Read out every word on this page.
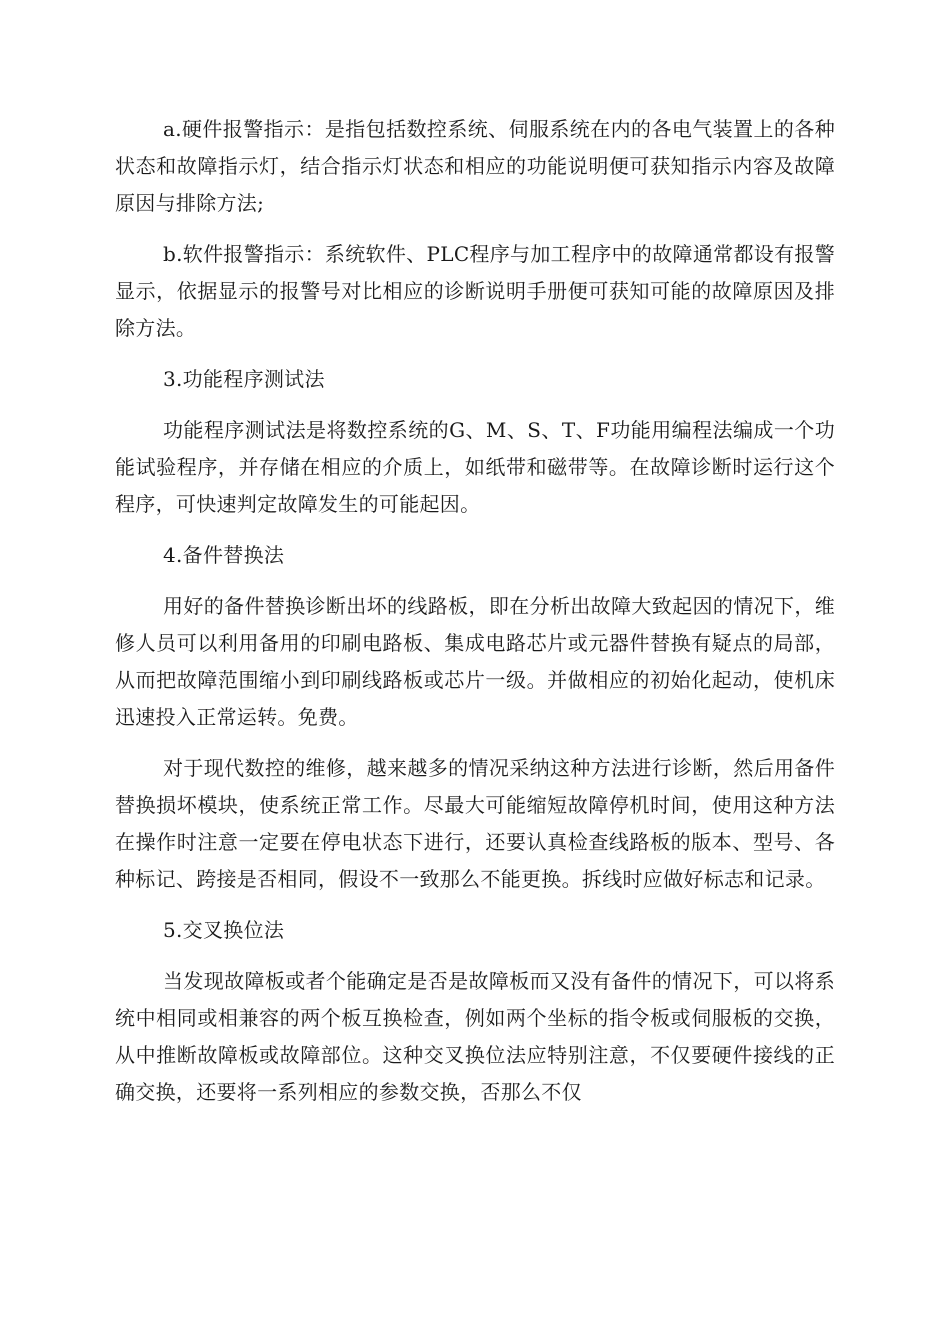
a.硬件报警指示：是指包括数控系统、伺服系统在内的各电气装置上的各种状态和故障指示灯，结合指示灯状态和相应的功能说明便可获知指示内容及故障原因与排除方法;

b.软件报警指示：系统软件、PLC程序与加工程序中的故障通常都设有报警显示，依据显示的报警号对比相应的诊断说明手册便可获知可能的故障原因及排除方法。

3.功能程序测试法

功能程序测试法是将数控系统的G、M、S、T、F功能用编程法编成一个功能试验程序，并存储在相应的介质上，如纸带和磁带等。在故障诊断时运行这个程序，可快速判定故障发生的可能起因。

4.备件替换法

用好的备件替换诊断出坏的线路板，即在分析出故障大致起因的情况下，维修人员可以利用备用的印刷电路板、集成电路芯片或元器件替换有疑点的局部，从而把故障范围缩小到印刷线路板或芯片一级。并做相应的初始化起动，使机床迅速投入正常运转。免费。

对于现代数控的维修，越来越多的情况采纳这种方法进行诊断，然后用备件替换损坏模块，使系统正常工作。尽最大可能缩短故障停机时间，使用这种方法在操作时注意一定要在停电状态下进行，还要认真检查线路板的版本、型号、各种标记、跨接是否相同，假设不一致那么不能更换。拆线时应做好标志和记录。

5.交叉换位法

当发现故障板或者个能确定是否是故障板而又没有备件的情况下，可以将系统中相同或相兼容的两个板互换检查，例如两个坐标的指令板或伺服板的交换，从中推断故障板或故障部位。这种交叉换位法应特别注意，不仅要硬件接线的正确交换，还要将一系列相应的参数交换，否那么不仅
